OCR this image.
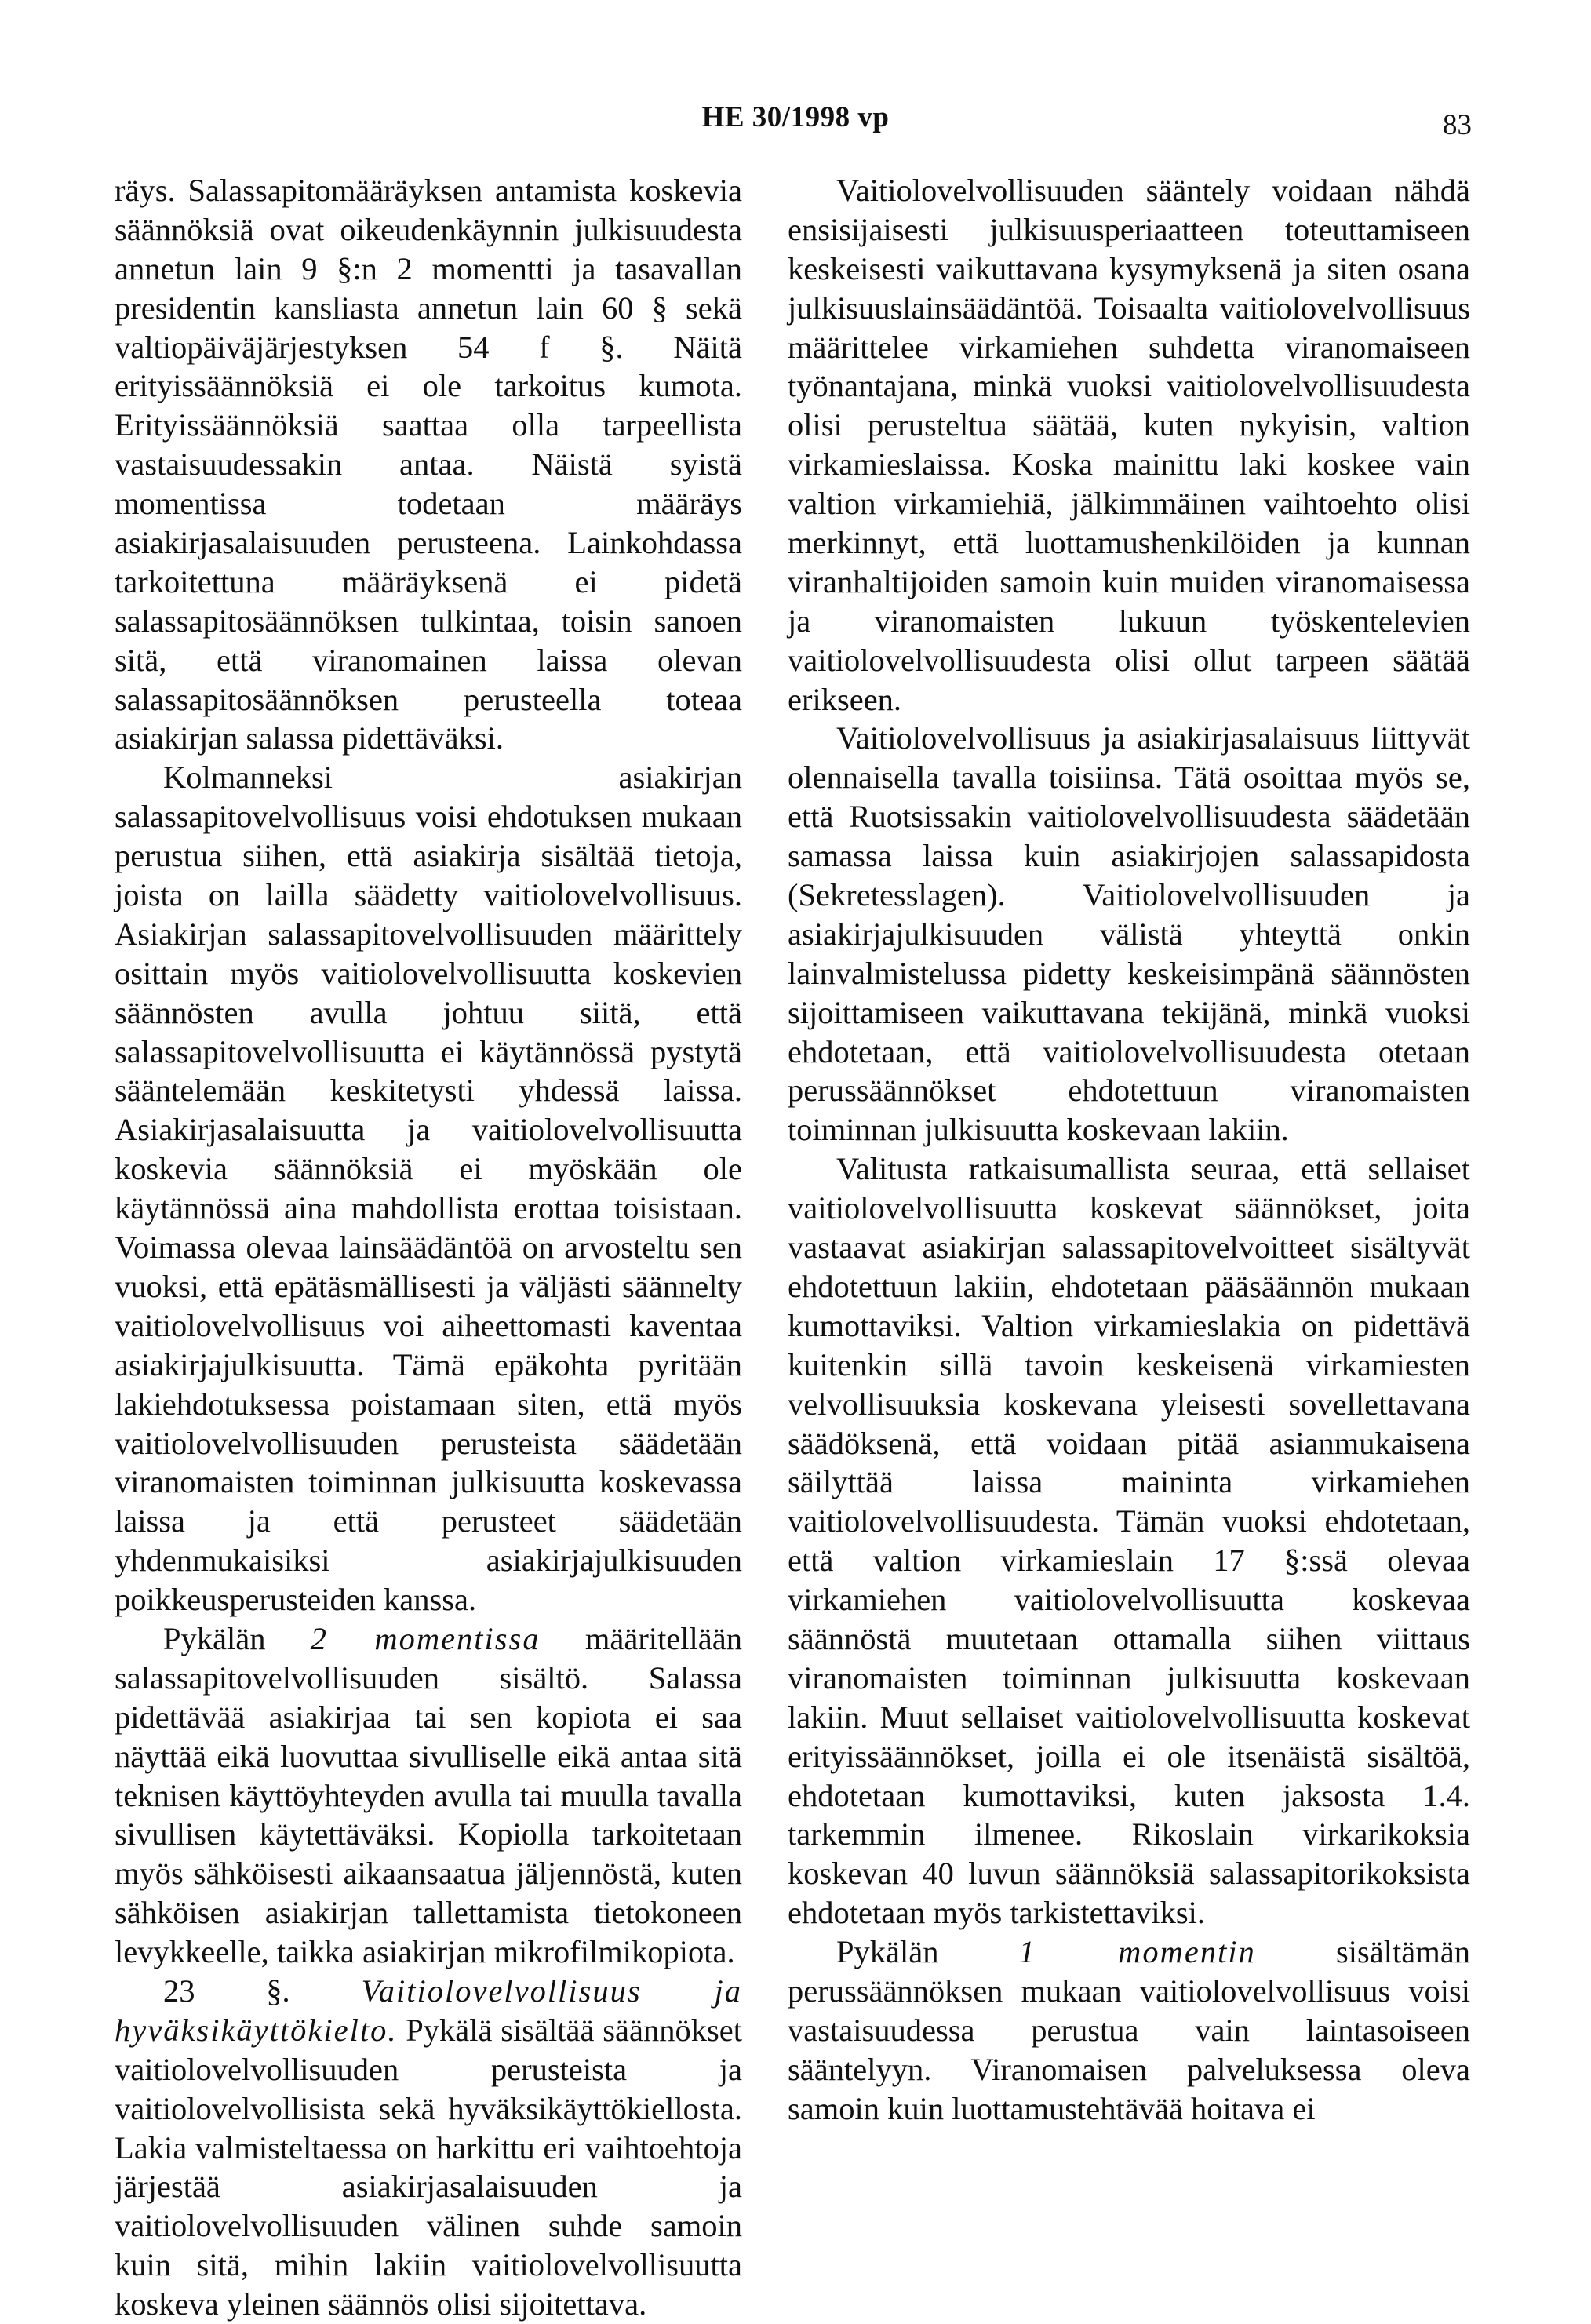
HE 30/1998 vp	83

räys. Salassapitomääräyksen antamista koskevia säännöksiä ovat oikeudenkäynnin julkisuudesta annetun lain 9 §:n 2 momentti ja tasavallan presidentin kansliasta annetun lain 60 § sekä valtiopäiväjärjestyksen 54 f §. Näitä erityissäännöksiä ei ole tarkoitus kumota. Erityissäännöksiä saattaa olla tarpeellista vastaisuudessakin antaa. Näistä syistä momentissa todetaan määräys asiakirjasalaisuuden perusteena. Lainkohdassa tarkoitettuna määräyksenä ei pidetä salassapitosäännöksen tulkintaa, toisin sanoen sitä, että viranomainen laissa olevan salassapitosäännöksen perusteella toteaa asiakirjan salassa pidettäväksi.

Kolmanneksi asiakirjan salassapitovelvollisuus voisi ehdotuksen mukaan perustua siihen, että asiakirja sisältää tietoja, joista on lailla säädetty vaitiolovelvollisuus. Asiakirjan salassapitovelvollisuuden määrittely osittain myös vaitiolovelvollisuutta koskevien säännösten avulla johtuu siitä, että salassapitovelvollisuutta ei käytännössä pystytä sääntelemään keskitetysti yhdessä laissa. Asiakirjasalaisuutta ja vaitiolovelvollisuutta koskevia säännöksiä ei myöskään ole käytännössä aina mahdollista erottaa toisistaan. Voimassa olevaa lainsäädäntöä on arvosteltu sen vuoksi, että epätäsmällisesti ja väljästi säännelty vaitiolovelvollisuus voi aiheettomasti kaventaa asiakirjajulkisuutta. Tämä epäkohta pyritään lakiehdotuksessa poistamaan siten, että myös vaitiolovelvollisuuden perusteista säädetään viranomaisten toiminnan julkisuutta koskevassa laissa ja että perusteet säädetään yhdenmukaisiksi asiakirjajulkisuuden poikkeusperusteiden kanssa.

Pykälän 2 momentissa määritellään salassapitovelvollisuuden sisältö. Salassa pidettävää asiakirjaa tai sen kopiota ei saa näyttää eikä luovuttaa sivulliselle eikä antaa sitä teknisen käyttöyhteyden avulla tai muulla tavalla sivullisen käytettäväksi. Kopiolla tarkoitetaan myös sähköisesti aikaansaatua jäljennöstä, kuten sähköisen asiakirjan tallettamista tietokoneen levykkeelle, taikka asiakirjan mikrofilmikopiota.

23 §. Vaitiolovelvollisuus ja hyväksikäyttökielto. Pykälä sisältää säännökset vaitiolovelvollisuuden perusteista ja vaitiolovelvollisista sekä hyväksikäyttökiellosta. Lakia valmisteltaessa on harkittu eri vaihtoehtoja järjestää asiakirjasalaisuuden ja vaitiolovelvollisuuden välinen suhde samoin kuin sitä, mihin lakiin vaitiolovelvollisuutta koskeva yleinen säännös olisi sijoitettava.

Vaitiolovelvollisuuden sääntely voidaan nähdä ensisijaisesti julkisuusperiaatteen toteuttamiseen keskeisesti vaikuttavana kysymyksenä ja siten osana julkisuuslainsäädäntöä. Toisaalta vaitiolovelvollisuus määrittelee virkamiehen suhdetta viranomaiseen työnantajana, minkä vuoksi vaitiolovelvollisuudesta olisi perusteltua säätää, kuten nykyisin, valtion virkamieslaissa. Koska mainittu laki koskee vain valtion virkamiehiä, jälkimmäinen vaihtoehto olisi merkinnyt, että luottamushenkilöiden ja kunnan viranhaltijoiden samoin kuin muiden viranomaisessa ja viranomaisten lukuun työskentelevien vaitiolovelvollisuudesta olisi ollut tarpeen säätää erikseen.

Vaitiolovelvollisuus ja asiakirjasalaisuus liittyvät olennaisella tavalla toisiinsa. Tätä osoittaa myös se, että Ruotsissakin vaitiolovelvollisuudesta säädetään samassa laissa kuin asiakirjojen salassapidosta (Sekretesslagen). Vaitiolovelvollisuuden ja asiakirjajulkisuuden välistä yhteyttä onkin lainvalmistelussa pidetty keskeisimpänä säännösten sijoittamiseen vaikuttavana tekijänä, minkä vuoksi ehdotetaan, että vaitiolovelvollisuudesta otetaan perussäännökset ehdotettuun viranomaisten toiminnan julkisuutta koskevaan lakiin.

Valitusta ratkaisumallista seuraa, että sellaiset vaitiolovelvollisuutta koskevat säännökset, joita vastaavat asiakirjan salassapitovelvoitteet sisältyvät ehdotettuun lakiin, ehdotetaan pääsäännön mukaan kumottaviksi. Valtion virkamieslakia on pidettävä kuitenkin sillä tavoin keskeisenä virkamiesten velvollisuuksia koskevana yleisesti sovellettavana säädöksenä, että voidaan pitää asianmukaisena säilyttää laissa maininta virkamiehen vaitiolovelvollisuudesta. Tämän vuoksi ehdotetaan, että valtion virkamieslain 17 §:ssä olevaa virkamiehen vaitiolovelvollisuutta koskevaa säännöstä muutetaan ottamalla siihen viittaus viranomaisten toiminnan julkisuutta koskevaan lakiin. Muut sellaiset vaitiolovelvollisuutta koskevat erityissäännökset, joilla ei ole itsenäistä sisältöä, ehdotetaan kumottaviksi, kuten jaksosta 1.4. tarkemmin ilmenee. Rikoslain virkarikoksia koskevan 40 luvun säännöksiä salassapitorikoksista ehdotetaan myös tarkistettaviksi.

Pykälän 1 momentin sisältämän perussäännöksen mukaan vaitiolovelvollisuus voisi vastaisuudessa perustua vain laintasoiseen sääntelyyn. Viranomaisen palveluksessa oleva samoin kuin luottamustehtävää hoitava ei
